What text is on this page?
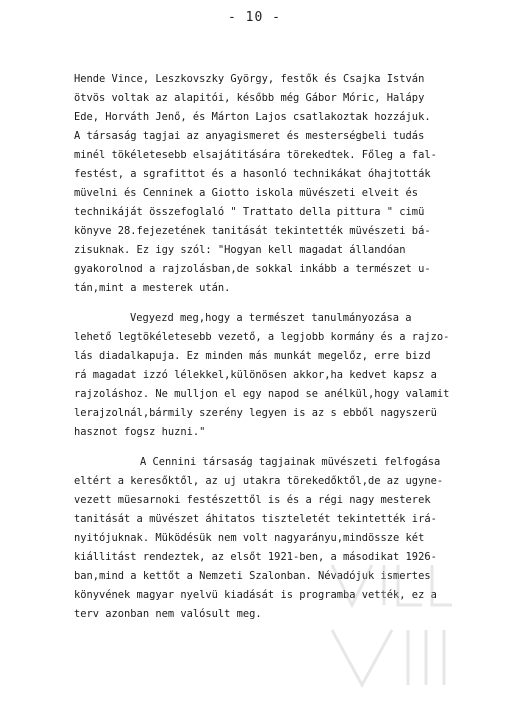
- 10 -
Hende Vince, Leszkovszky György, festők és Csajka István
ötvös voltak az alapitói, később még Gábor Móric, Halápy
Ede, Horváth Jenő, és Márton Lajos csatlakoztak hozzájuk.
A társaság tagjai az anyagismeret és mesterségbeli tudás
minél tökéletesebb elsajátitására törekedtek. Főleg a fal-
festést, a sgrafittot és a hasonló technikákat óhajtották
müvelni és Cenninek a Giotto iskola müvészeti elveit és
technikáját összefoglaló " Trattato della pittura " cimü
könyve 28.fejezetének tanitását tekintették müvészeti bá-
zisuknak. Ez igy szól: "Hogyan kell magadat állandóan
gyakorolnod a rajzolásban,de sokkal inkább a természet u-
tán,mint a mesterek után.
Vegyezd meg,hogy a természet tanulmányozása a
lehető legtökéletesebb vezető, a legjobb kormány és a rajzo-
lás diadalkapuja. Ez minden más munkát megelőz, erre bizd
rá magadat izzó lélekkel,különösen akkor,ha kedvet kapsz a
rajzoláshoz. Ne mulljon el egy napod se anélkül,hogy valamit
lerajzolnál,bármily szerény legyen is az s ebből nagyszerü
hasznot fogsz huzni."
A Cennini társaság tagjainak müvészeti felfogása
eltért a keresőktől, az uj utakra törekedőktől,de az ugyne-
vezett müesarnoki festészettől is és a régi nagy mesterek
tanitását a müvészet áhitatos tiszteletét tekintették irá-
nyitójuknak. Müködésük nem volt nagyarányu,mindössze két
kiállitást rendeztek, az elsőt 1921-ben, a másodikat 1926-
ban,mind a kettőt a Nemzeti Szalonban. Névadójuk ismertes
könyvének magyar nyelvü kiadását is programba vették, ez a
terv azonban nem valósult meg.
